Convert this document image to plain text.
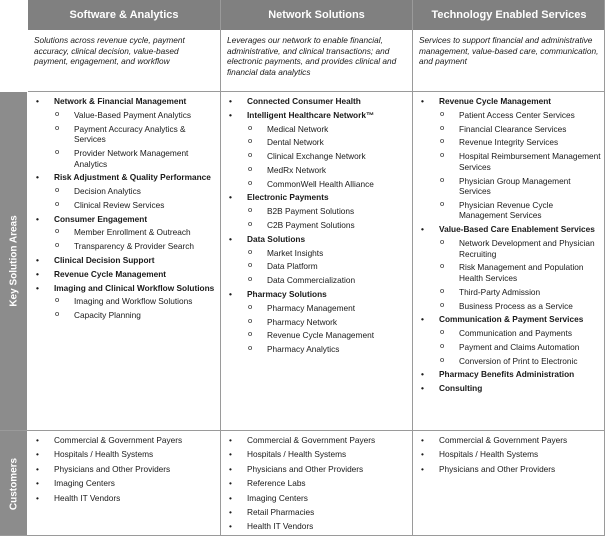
Software & Analytics	Network Solutions	Technology Enabled Services
Solutions across revenue cycle, payment accuracy, clinical decision, value-based payment, engagement, and workflow
Leverages our network to enable financial, administrative, and clinical transactions; and electronic payments, and provides clinical and financial data analytics
Services to support financial and administrative management, value-based care, communication, and payment
Key Solution Areas
Customers
• Network & Financial Management
o Value-Based Payment Analytics
o Payment Accuracy Analytics & Services
o Provider Network Management Analytics
• Risk Adjustment & Quality Performance
o Decision Analytics
o Clinical Review Services
• Consumer Engagement
o Member Enrollment & Outreach
o Transparency & Provider Search
• Clinical Decision Support
• Revenue Cycle Management
• Imaging and Clinical Workflow Solutions
o Imaging and Workflow Solutions
o Capacity Planning
• Connected Consumer Health
• Intelligent Healthcare Network™
o Medical Network
o Dental Network
o Clinical Exchange Network
o MedRx Network
o CommonWell Health Alliance
• Electronic Payments
o B2B Payment Solutions
o C2B Payment Solutions
• Data Solutions
o Market Insights
o Data Platform
o Data Commercialization
• Pharmacy Solutions
o Pharmacy Management
o Pharmacy Network
o Revenue Cycle Management
o Pharmacy Analytics
• Revenue Cycle Management
o Patient Access Center Services
o Financial Clearance Services
o Revenue Integrity Services
o Hospital Reimbursement Management Services
o Physician Group Management Services
o Physician Revenue Cycle Management Services
• Value-Based Care Enablement Services
o Network Development and Physician Recruiting
o Risk Management and Population Health Services
o Third-Party Admission
o Business Process as a Service
• Communication & Payment Services
o Communication and Payments
o Payment and Claims Automation
o Conversion of Print to Electronic
• Pharmacy Benefits Administration
• Consulting
• Commercial & Government Payers
• Hospitals / Health Systems
• Physicians and Other Providers
• Imaging Centers
• Health IT Vendors
• Commercial & Government Payers
• Hospitals / Health Systems
• Physicians and Other Providers
• Reference Labs
• Imaging Centers
• Retail Pharmacies
• Health IT Vendors
• Commercial & Government Payers
• Hospitals / Health Systems
• Physicians and Other Providers
